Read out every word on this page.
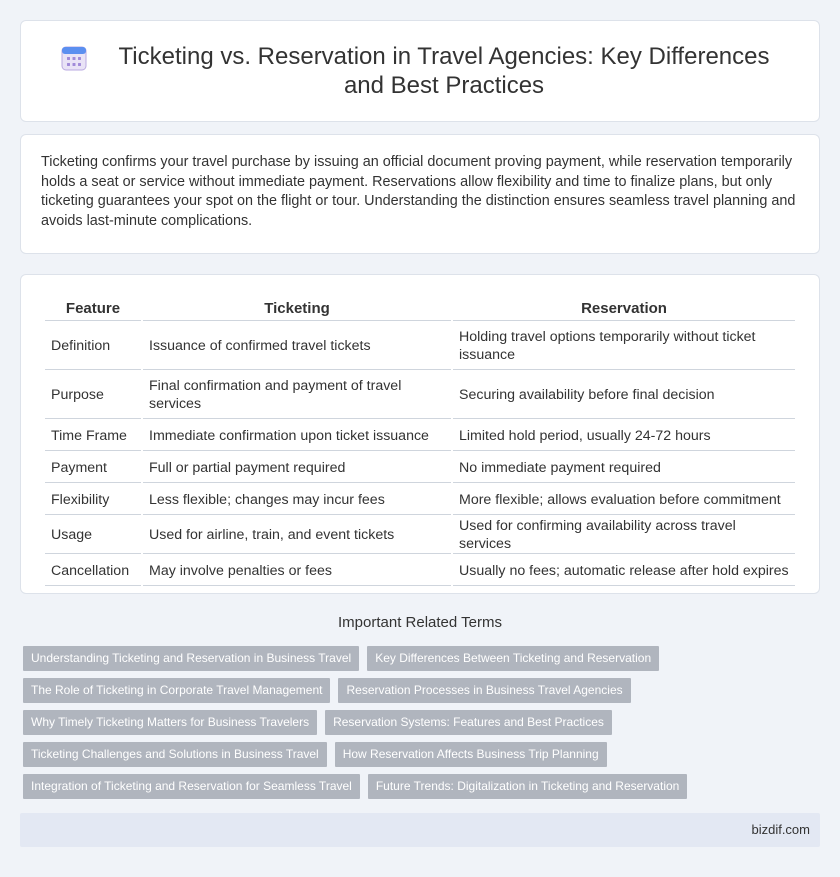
Ticketing vs. Reservation in Travel Agencies: Key Differences and Best Practices
Ticketing confirms your travel purchase by issuing an official document proving payment, while reservation temporarily holds a seat or service without immediate payment. Reservations allow flexibility and time to finalize plans, but only ticketing guarantees your spot on the flight or tour. Understanding the distinction ensures seamless travel planning and avoids last-minute complications.
Feature	Ticketing	Reservation
Definition	Issuance of confirmed travel tickets	Holding travel options temporarily without ticket issuance
Purpose	Final confirmation and payment of travel services	Securing availability before final decision
Time Frame	Immediate confirmation upon ticket issuance	Limited hold period, usually 24-72 hours
Payment	Full or partial payment required	No immediate payment required
Flexibility	Less flexible; changes may incur fees	More flexible; allows evaluation before commitment
Usage	Used for airline, train, and event tickets	Used for confirming availability across travel services
Cancellation	May involve penalties or fees	Usually no fees; automatic release after hold expires
Important Related Terms
Understanding Ticketing and Reservation in Business Travel	Key Differences Between Ticketing and Reservation
The Role of Ticketing in Corporate Travel Management	Reservation Processes in Business Travel Agencies
Why Timely Ticketing Matters for Business Travelers	Reservation Systems: Features and Best Practices
Ticketing Challenges and Solutions in Business Travel	How Reservation Affects Business Trip Planning
Integration of Ticketing and Reservation for Seamless Travel	Future Trends: Digitalization in Ticketing and Reservation
bizdif.com
